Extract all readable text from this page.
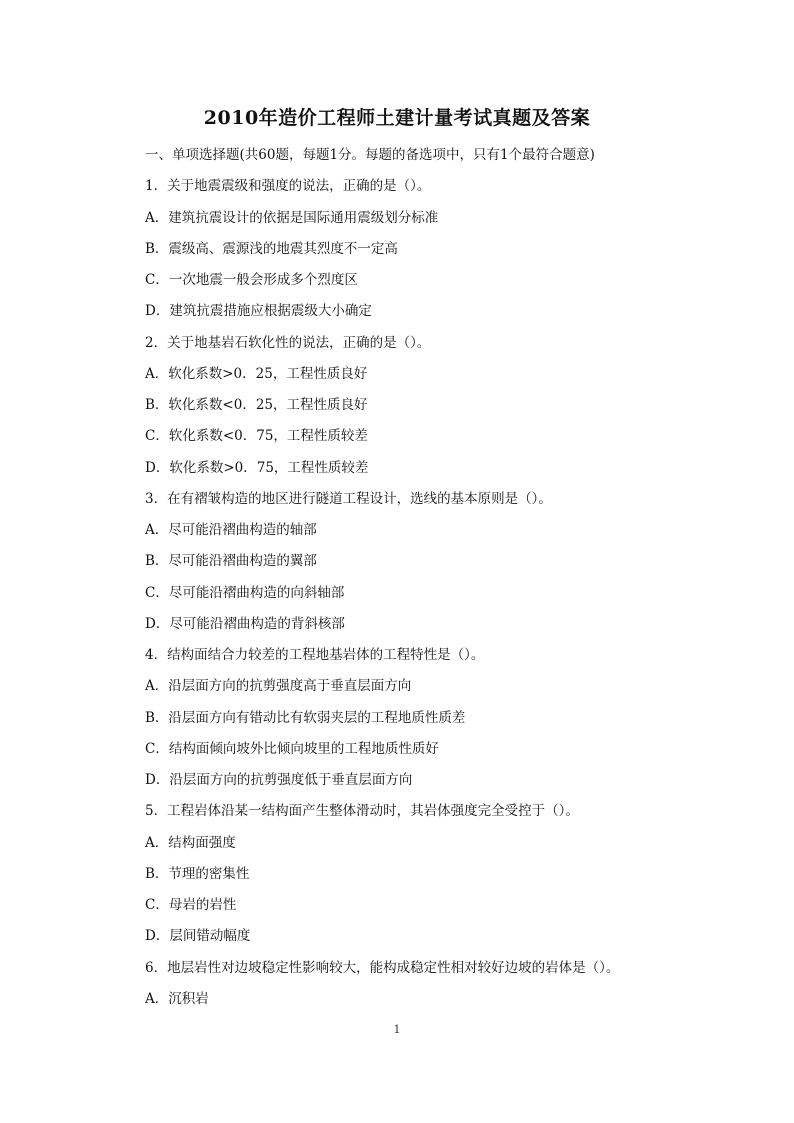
2010年造价工程师土建计量考试真题及答案
一、单项选择题(共60题，每题1分。每题的备选项中，只有1个最符合题意)
1．关于地震震级和强度的说法，正确的是（）。
A．建筑抗震设计的依据是国际通用震级划分标准
B．震级高、震源浅的地震其烈度不一定高
C．一次地震一般会形成多个烈度区
D．建筑抗震措施应根据震级大小确定
2．关于地基岩石软化性的说法，正确的是（）。
A．软化系数>0．25，工程性质良好
B．软化系数<0．25，工程性质良好
C．软化系数<0．75，工程性质较差
D．软化系数>0．75，工程性质较差
3．在有褶皱构造的地区进行隧道工程设计，选线的基本原则是（）。
A．尽可能沿褶曲构造的轴部
B．尽可能沿褶曲构造的翼部
C．尽可能沿褶曲构造的向斜轴部
D．尽可能沿褶曲构造的背斜核部
4．结构面结合力较差的工程地基岩体的工程特性是（）。
A．沿层面方向的抗剪强度高于垂直层面方向
B．沿层面方向有错动比有软弱夹层的工程地质性质差
C．结构面倾向坡外比倾向坡里的工程地质性质好
D．沿层面方向的抗剪强度低于垂直层面方向
5．工程岩体沿某一结构面产生整体滑动时，其岩体强度完全受控于（）。
A．结构面强度
B．节理的密集性
C．母岩的岩性
D．层间错动幅度
6．地层岩性对边坡稳定性影响较大，能构成稳定性相对较好边坡的岩体是（）。
A．沉积岩
1
